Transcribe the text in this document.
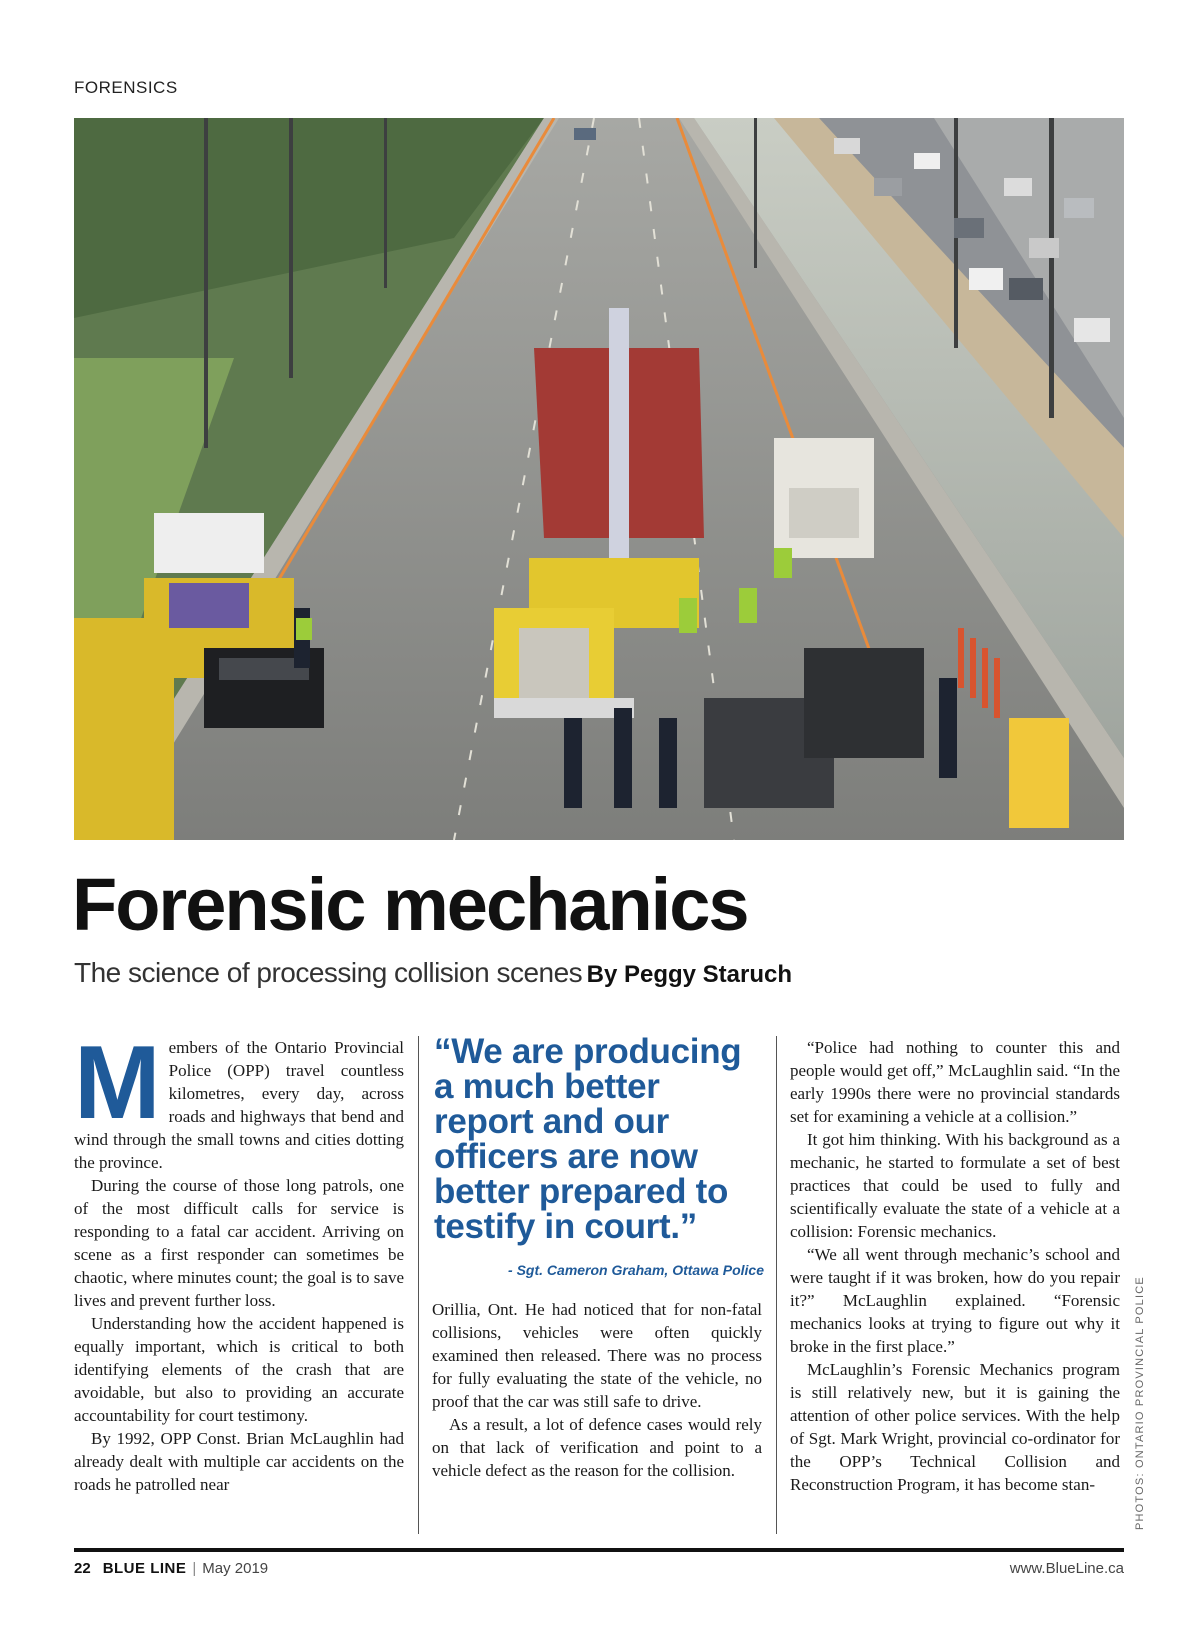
FORENSICS
PHOTOS: ONTARIO PROVINCIAL POLICE
Forensic mechanics
The science of processing collision scenes By Peggy Staruch

Members of the Ontario Provincial Police (OPP) travel countless kilometres, every day, across roads and highways that bend and wind through the small towns and cities dotting the province.

During the course of those long patrols, one of the most difficult calls for service is responding to a fatal car accident. Arriving on scene as a first responder can sometimes be chaotic, where minutes count; the goal is to save lives and prevent further loss.

Understanding how the accident happened is equally important, which is critical to both identifying elements of the crash that are avoidable, but also to providing an accurate accountability for court testimony.

By 1992, OPP Const. Brian McLaughlin had already dealt with multiple car accidents on the roads he patrolled near

“We are producing a much better report and our officers are now better prepared to testify in court.”
- Sgt. Cameron Graham, Ottawa Police

Orillia, Ont. He had noticed that for non-fatal collisions, vehicles were often quickly examined then released. There was no process for fully evaluating the state of the vehicle, no proof that the car was still safe to drive.

As a result, a lot of defence cases would rely on that lack of verification and point to a vehicle defect as the reason for the collision.

“Police had nothing to counter this and people would get off,” McLaughlin said. “In the early 1990s there were no provincial standards set for examining a vehicle at a collision.”

It got him thinking. With his background as a mechanic, he started to formulate a set of best practices that could be used to fully and scientifically evaluate the state of a vehicle at a collision: Forensic mechanics.

“We all went through mechanic’s school and were taught if it was broken, how do you repair it?” McLaughlin explained. “Forensic mechanics looks at trying to figure out why it broke in the first place.”

McLaughlin’s Forensic Mechanics program is still relatively new, but it is gaining the attention of other police services. With the help of Sgt. Mark Wright, provincial co-ordinator for the OPP’s Technical Collision and Reconstruction Program, it has become stan-

22 BLUE LINE | May 2019	www.BlueLine.ca
